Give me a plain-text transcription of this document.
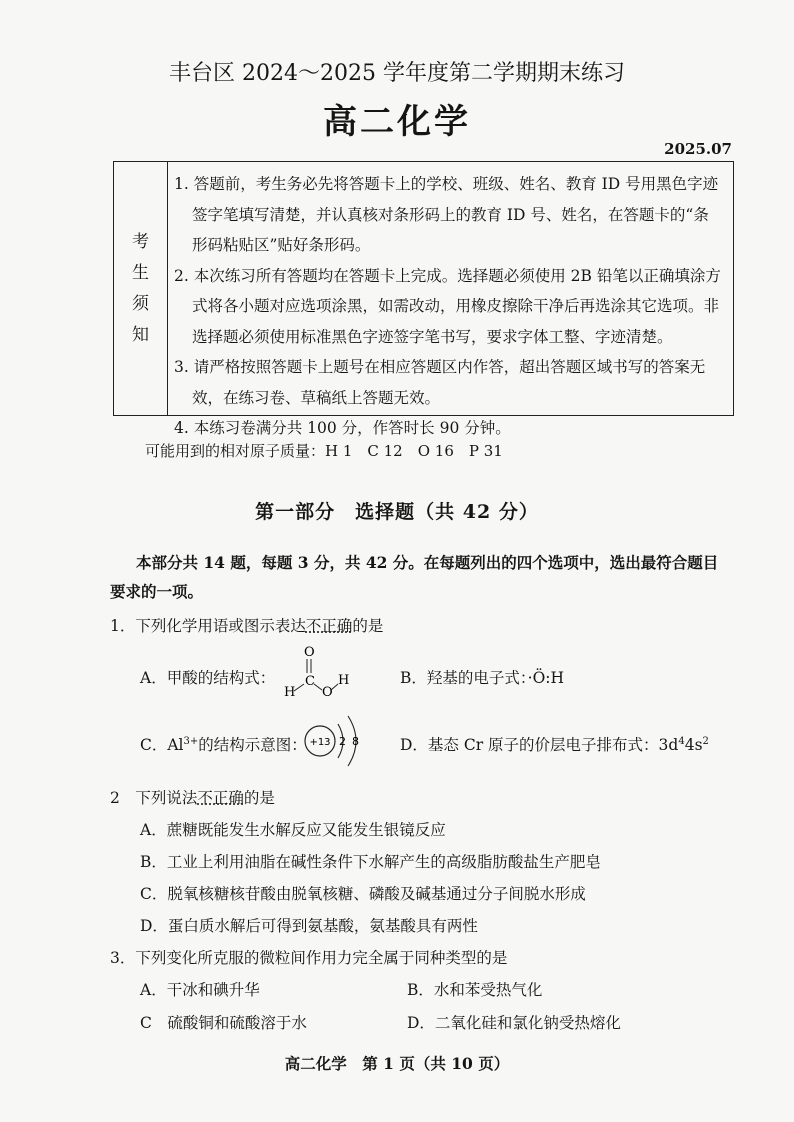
丰台区 2024～2025 学年度第二学期期末练习
高二化学
2025.07
考
生
须
知
1. 答题前，考生务必先将答题卡上的学校、班级、姓名、教育 ID 号用黑色字迹签字笔填写清楚，并认真核对条形码上的教育 ID 号、姓名，在答题卡的“条形码粘贴区”贴好条形码。
2. 本次练习所有答题均在答题卡上完成。选择题必须使用 2B 铅笔以正确填涂方式将各小题对应选项涂黑，如需改动，用橡皮擦除干净后再选涂其它选项。非选择题必须使用标准黑色字迹签字笔书写，要求字体工整、字迹清楚。
3. 请严格按照答题卡上题号在相应答题区内作答，超出答题区域书写的答案无效，在练习卷、草稿纸上答题无效。
4. 本练习卷满分共 100 分，作答时长 90 分钟。
可能用到的相对原子质量：H 1　C 12　O 16　P 31
第一部分　选择题（共 42 分）
本部分共 14 题，每题 3 分，共 42 分。在每题列出的四个选项中，选出最符合题目要求的一项。
1．下列化学用语或图示表达不正确的是
A．甲酸的结构式：
O
H
C
O
H
B．羟基的电子式：·Ö:H
C．$Al^{3+}$的结构示意图： +13 2 8	D．基态 Cr 原子的价层电子排布式：$3d^44s^2$
2　下列说法不正确的是
A．蔗糖既能发生水解反应又能发生银镜反应
B．工业上利用油脂在碱性条件下水解产生的高级脂肪酸盐生产肥皂
C．脱氧核糖核苷酸由脱氧核糖、磷酸及碱基通过分子间脱水形成
D．蛋白质水解后可得到氨基酸，氨基酸具有两性
3．下列变化所克服的微粒间作用力完全属于同种类型的是
A．干冰和碘升华	B．水和苯受热气化
C　硫酸铜和硫酸溶于水	D．二氧化硅和氯化钠受热熔化
高二化学　第 1 页（共 10 页）
